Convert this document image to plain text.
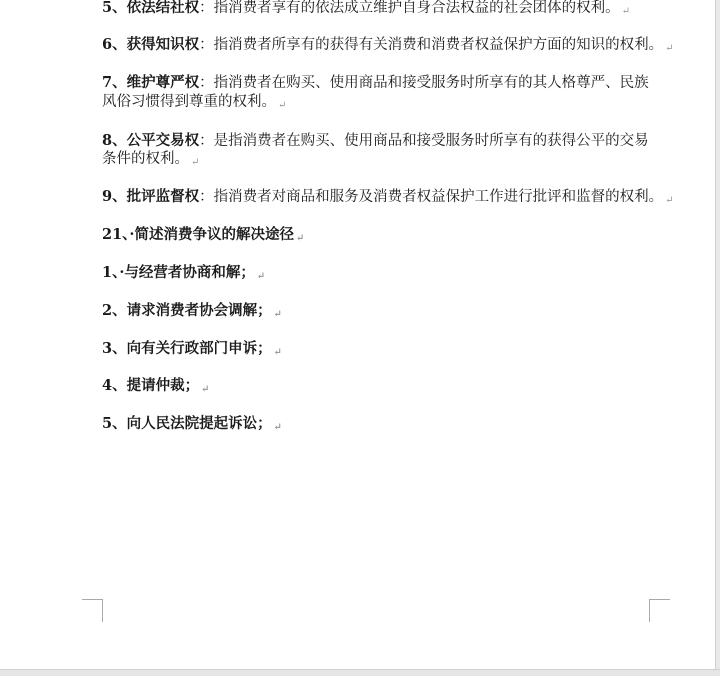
5、依法结社权：指消费者享有的依法成立维护自身合法权益的社会团体的权利。 ↵
6、获得知识权：指消费者所享有的获得有关消费和消费者权益保护方面的知识的权利。 ↵
7、维护尊严权：指消费者在购买、使用商品和接受服务时所享有的其人格尊严、民族
风俗习惯得到尊重的权利。 ↵
8、公平交易权：是指消费者在购买、使用商品和接受服务时所享有的获得公平的交易
条件的权利。 ↵
9、批评监督权：指消费者对商品和服务及消费者权益保护工作进行批评和监督的权利。 ↵
21、·简述消费争议的解决途径 ↵
1、·与经营者协商和解； ↵
2、请求消费者协会调解； ↵
3、向有关行政部门申诉； ↵
4、提请仲裁； ↵
5、向人民法院提起诉讼； ↵
